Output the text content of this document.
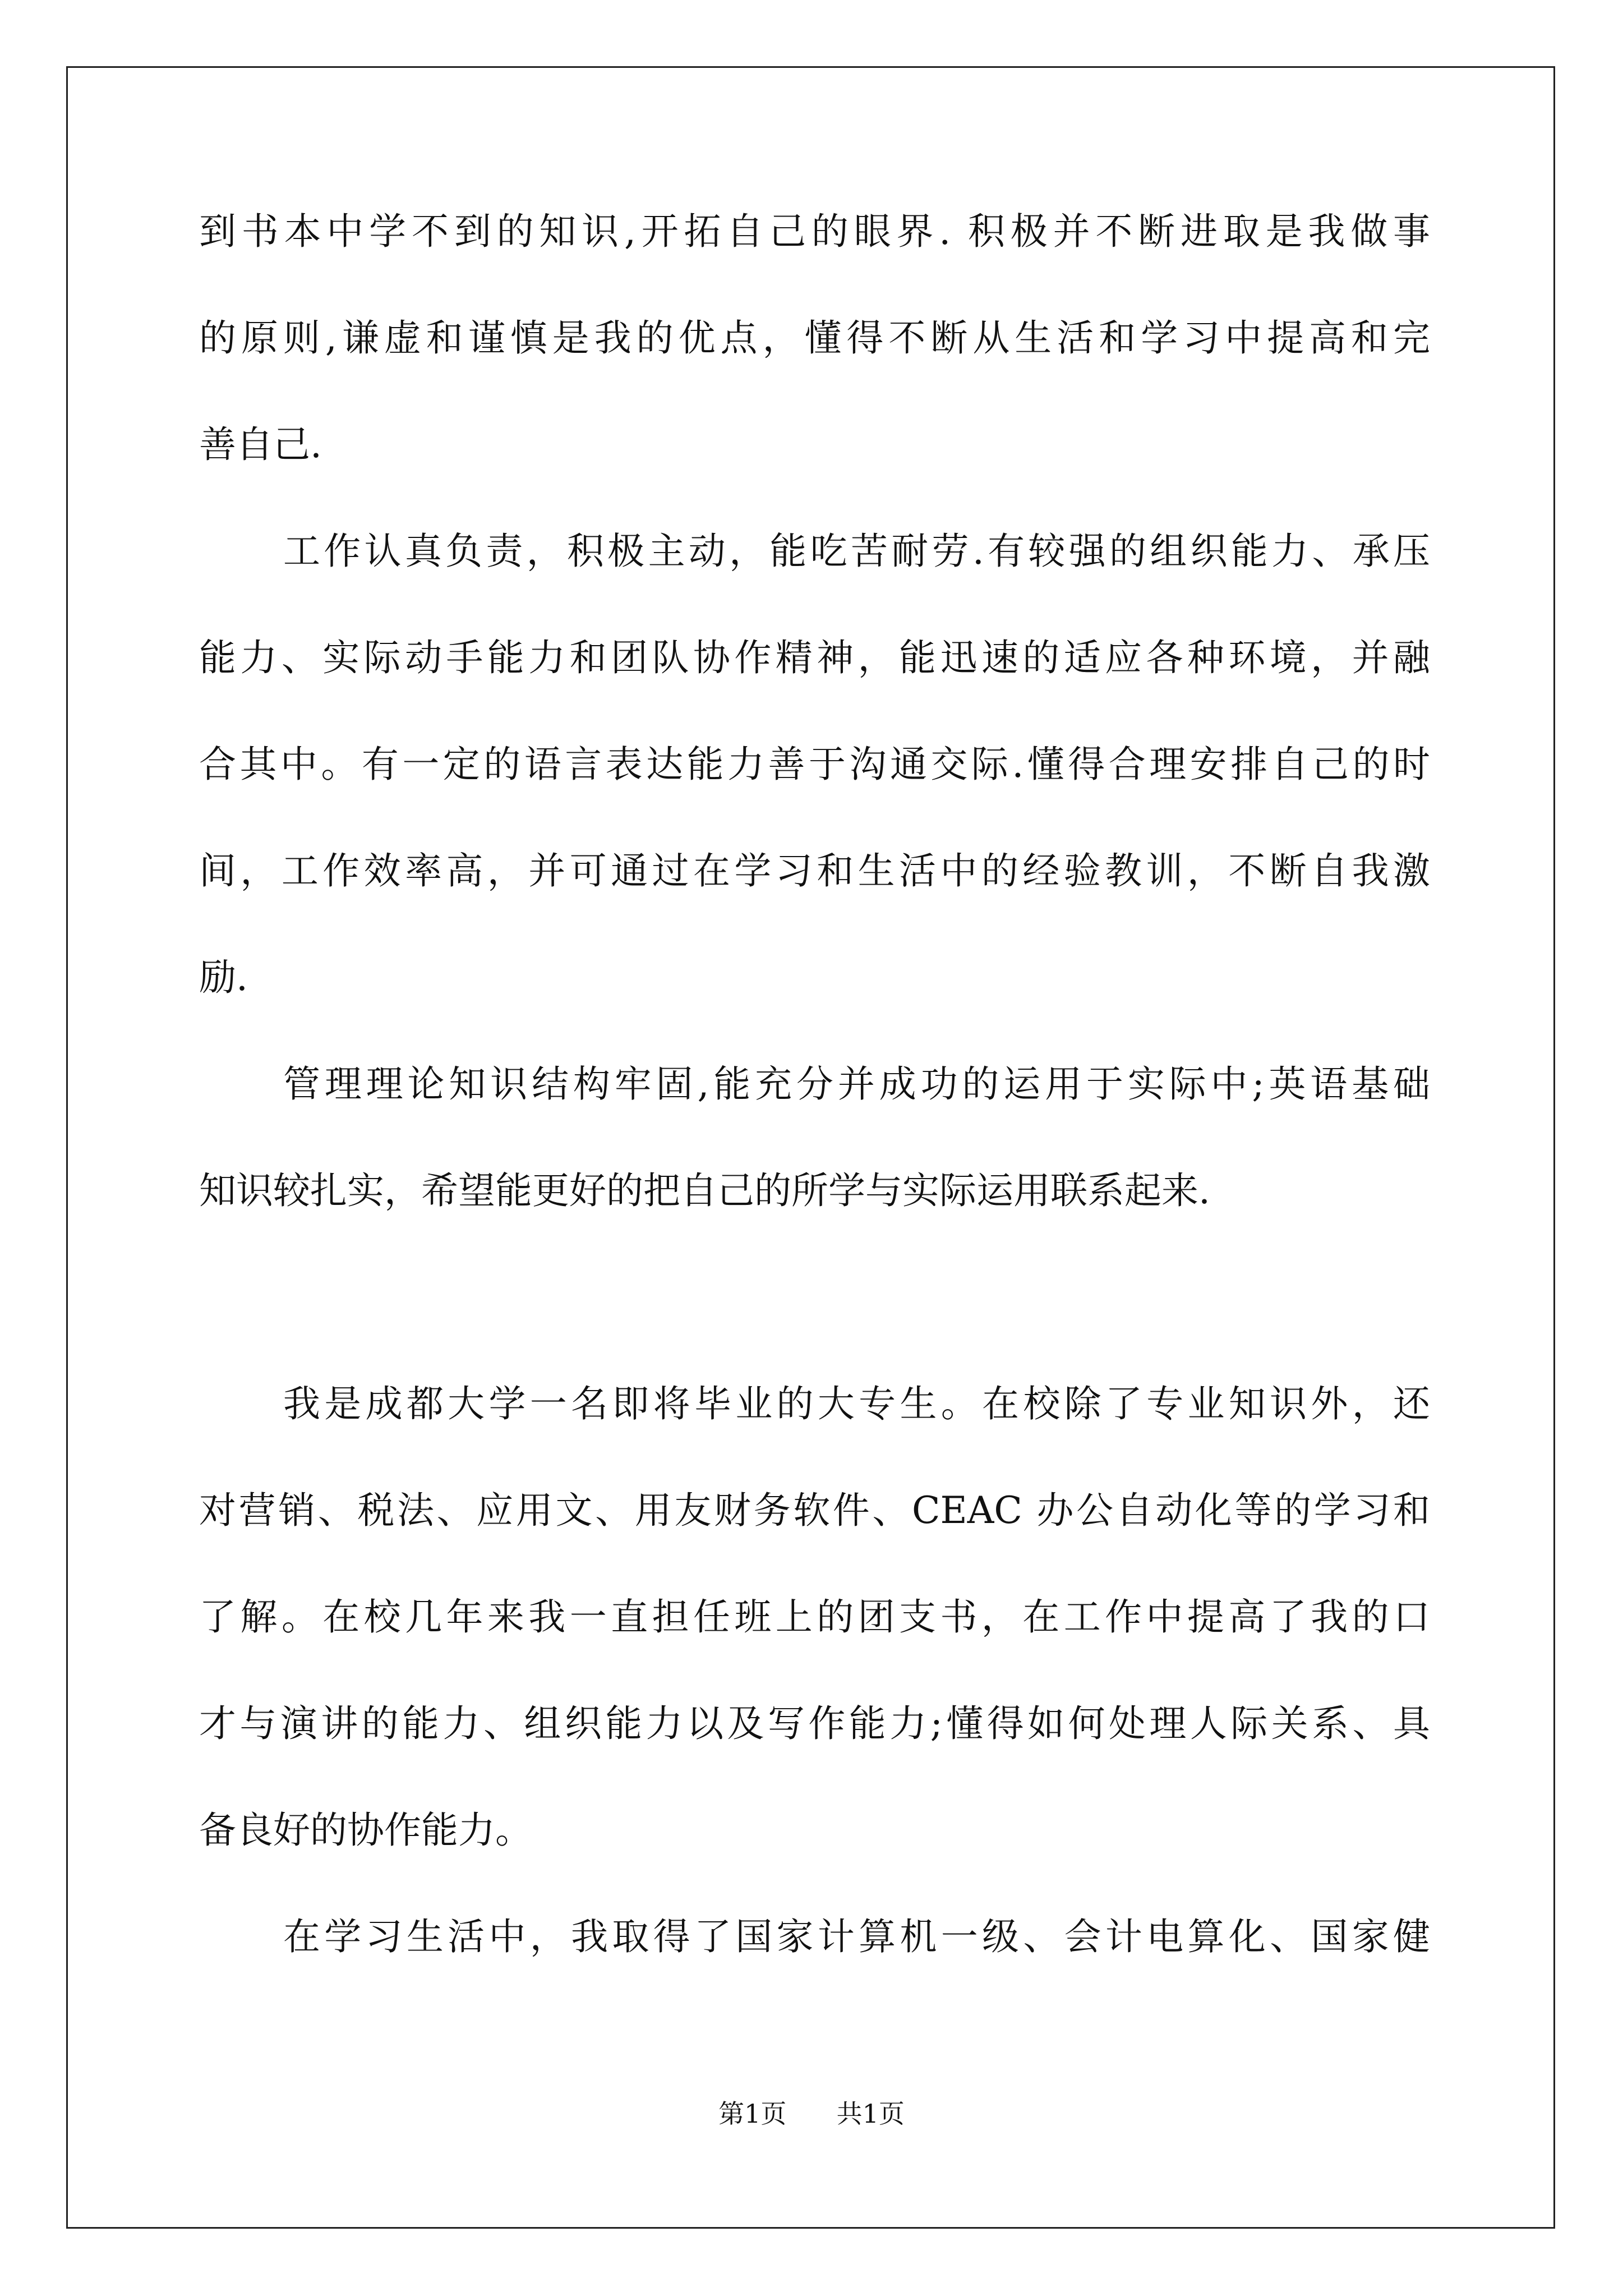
到书本中学不到的知识,开拓自己的眼界. 积极并不断进取是我做事
的原则,谦虚和谨慎是我的优点，懂得不断从生活和学习中提高和完
善自己.
工作认真负责，积极主动，能吃苦耐劳.有较强的组织能力、承压
能力、实际动手能力和团队协作精神，能迅速的适应各种环境，并融
合其中。有一定的语言表达能力善于沟通交际.懂得合理安排自己的时
间，工作效率高，并可通过在学习和生活中的经验教训，不断自我激
励.
管理理论知识结构牢固,能充分并成功的运用于实际中;英语基础
知识较扎实，希望能更好的把自己的所学与实际运用联系起来.
我是成都大学一名即将毕业的大专生。在校除了专业知识外，还
对营销、税法、应用文、用友财务软件、CEAC 办公自动化等的学习和
了解。在校几年来我一直担任班上的团支书，在工作中提高了我的口
才与演讲的能力、组织能力以及写作能力;懂得如何处理人际关系、具
备良好的协作能力。
在学习生活中，我取得了国家计算机一级、会计电算化、国家健
第1页 共1页
